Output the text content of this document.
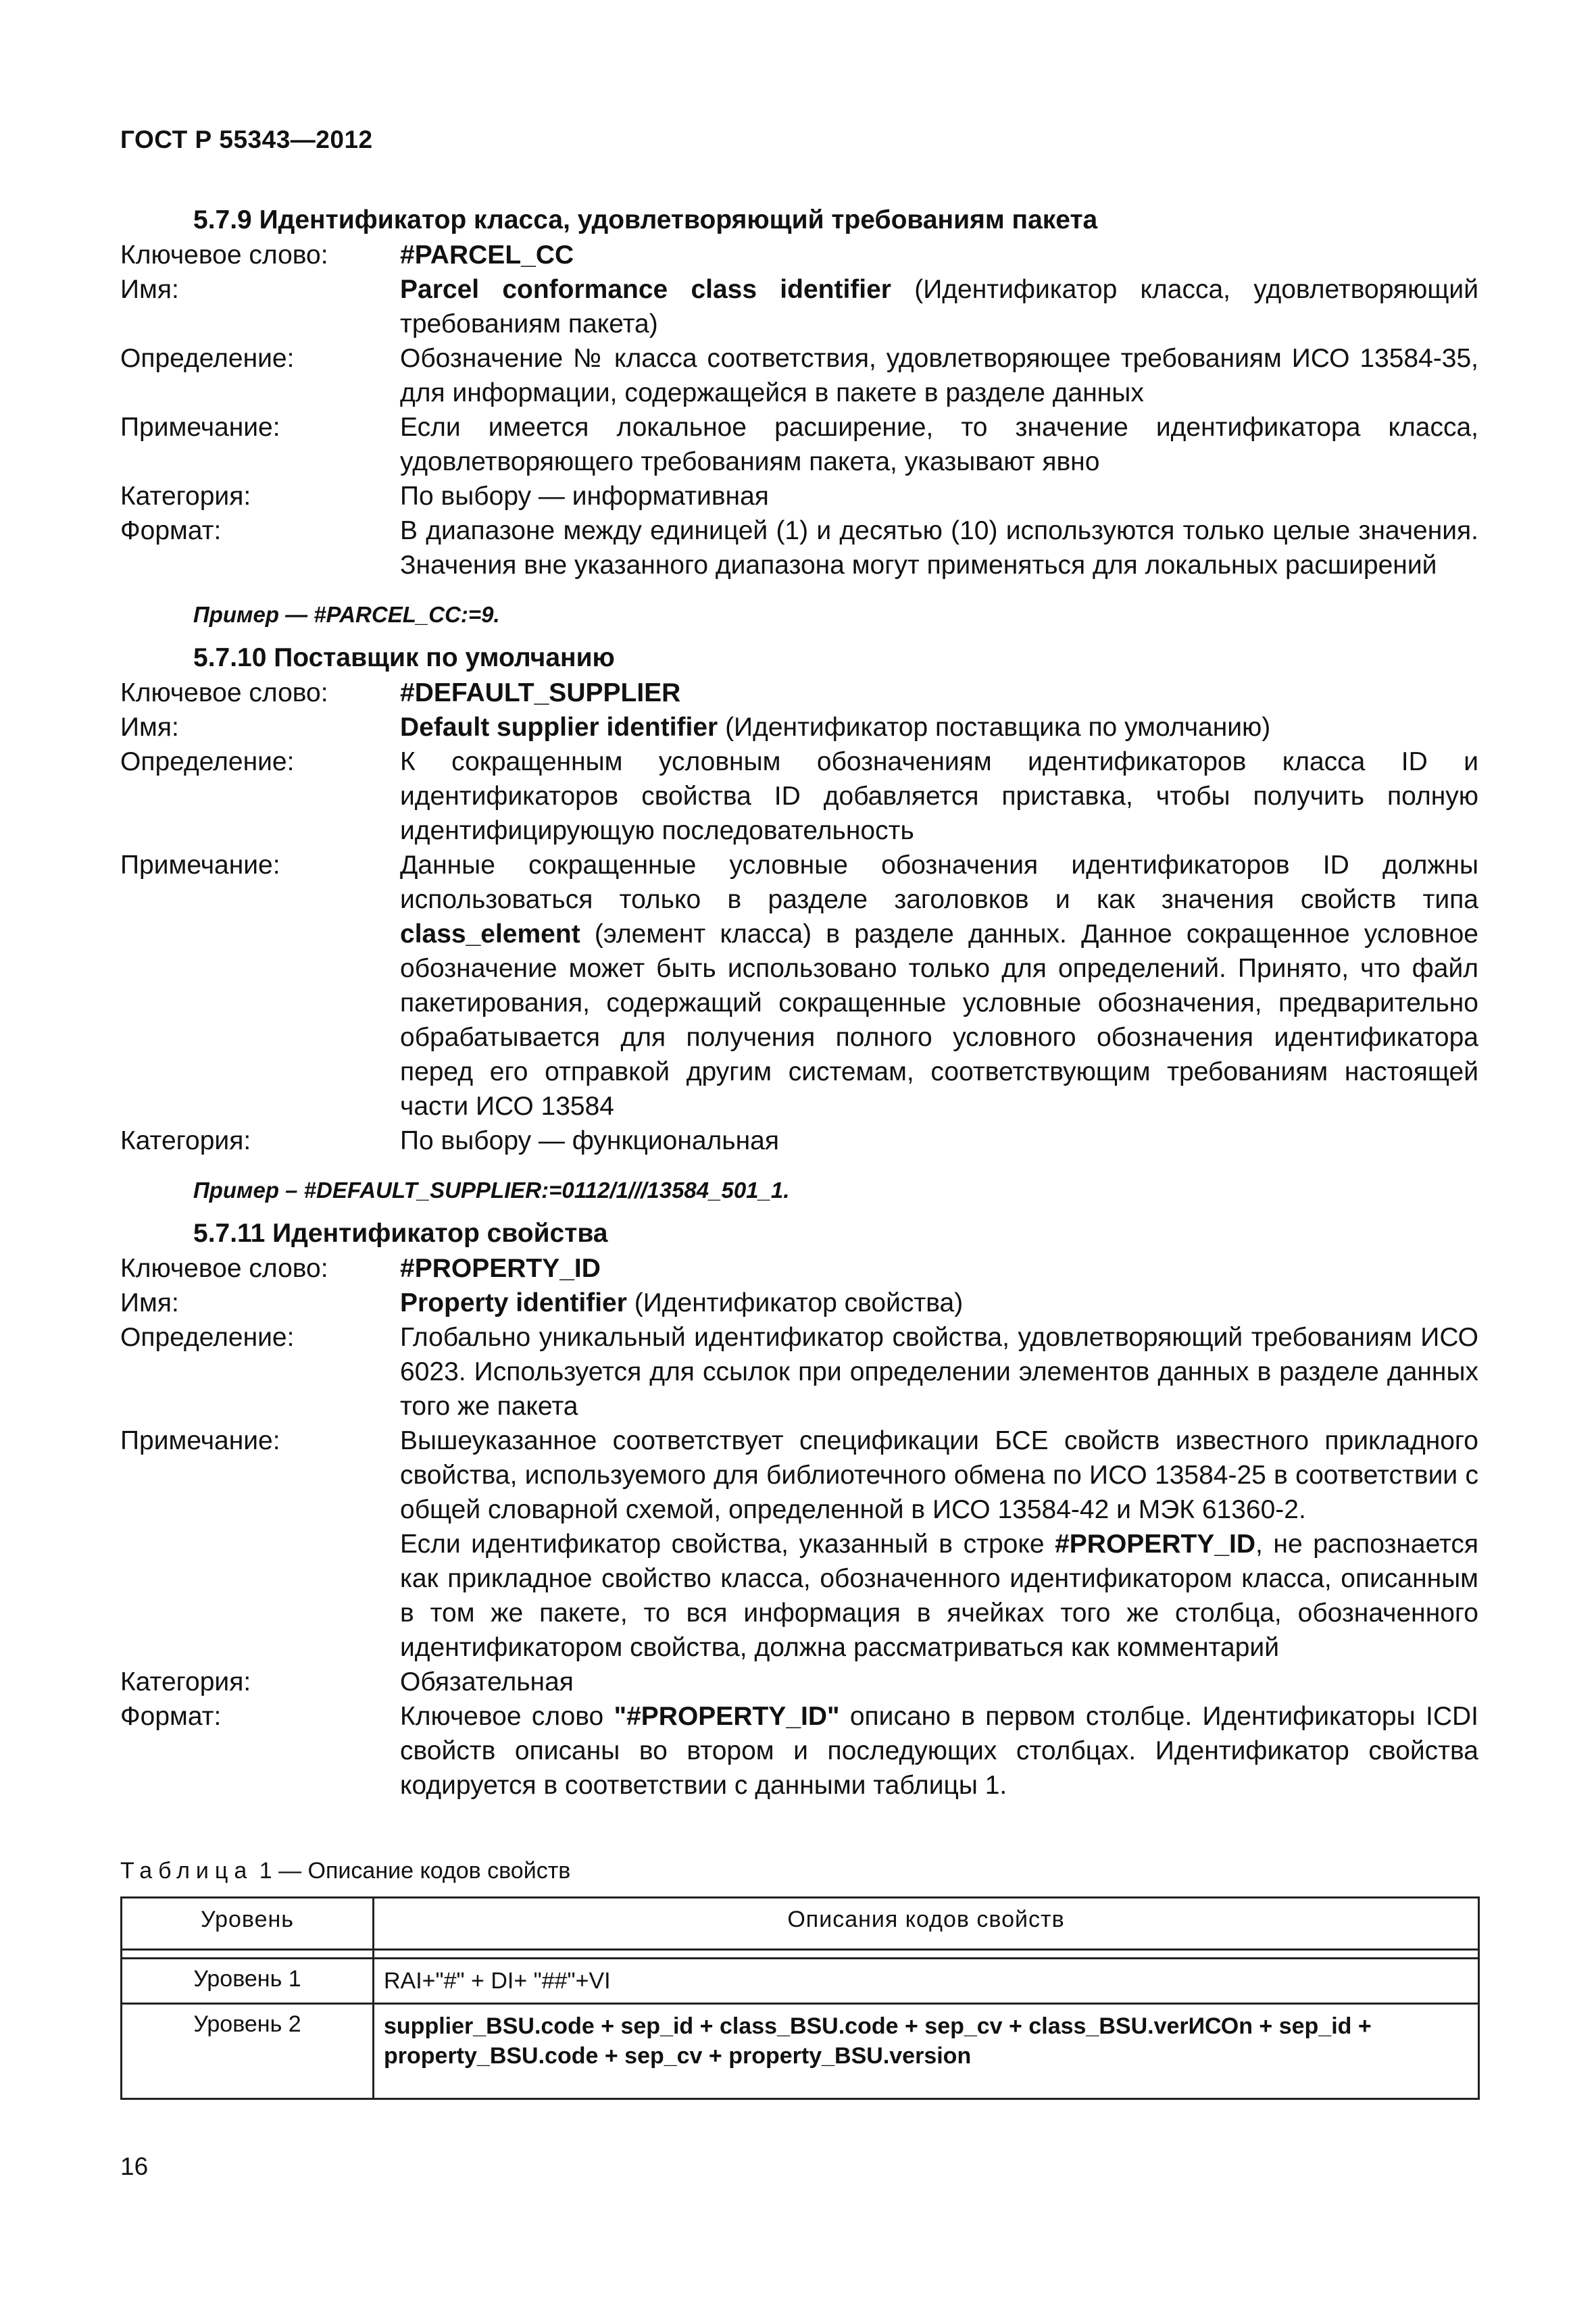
ГОСТ Р 55343—2012
5.7.9 Идентификатор класса, удовлетворяющий требованиям пакета
Ключевое слово:	#PARCEL_CC
Имя:	Parcel conformance class identifier (Идентификатор класса, удовлетворяющий требованиям пакета)
Определение:	Обозначение № класса соответствия, удовлетворяющее требованиям ИСО 13584-35, для информации, содержащейся в пакете в разделе данных
Примечание:	Если имеется локальное расширение, то значение идентификатора класса, удовлетворяющего требованиям пакета, указывают явно
Категория:	По выбору — информативная
Формат:	В диапазоне между единицей (1) и десятью (10) используются только целые значения. Значения вне указанного диапазона могут применяться для локальных расширений
Пример — #PARCEL_CC:=9.
5.7.10 Поставщик по умолчанию
Ключевое слово:	#DEFAULT_SUPPLIER
Имя:	Default supplier identifier (Идентификатор поставщика по умолчанию)
Определение:	К сокращенным условным обозначениям идентификаторов класса ID и идентификаторов свойства ID добавляется приставка, чтобы получить полную идентифицирующую последовательность
Примечание:	Данные сокращенные условные обозначения идентификаторов ID должны использоваться только в разделе заголовков и как значения свойств типа class_element (элемент класса) в разделе данных. Данное сокращенное условное обозначение может быть использовано только для определений. Принято, что файл пакетирования, содержащий сокращенные условные обозначения, предварительно обрабатывается для получения полного условного обозначения идентификатора перед его отправкой другим системам, соответствующим требованиям настоящей части ИСО 13584
Категория:	По выбору — функциональная
Пример – #DEFAULT_SUPPLIER:=0112/1///13584_501_1.
5.7.11 Идентификатор свойства
Ключевое слово:	#PROPERTY_ID
Имя:	Property identifier (Идентификатор свойства)
Определение:	Глобально уникальный идентификатор свойства, удовлетворяющий требованиям ИСО 6023. Используется для ссылок при определении элементов данных в разделе данных того же пакета
Примечание:	Вышеуказанное соответствует спецификации БСЕ свойств известного прикладного свойства, используемого для библиотечного обмена по ИСО 13584-25 в соответствии с общей словарной схемой, определенной в ИСО 13584-42 и МЭК 61360-2.
Если идентификатор свойства, указанный в строке #PROPERTY_ID, не распознается как прикладное свойство класса, обозначенного идентификатором класса, описанным в том же пакете, то вся информация в ячейках того же столбца, обозначенного идентификатором свойства, должна рассматриваться как комментарий
Категория:	Обязательная
Формат:	Ключевое слово "#PROPERTY_ID" описано в первом столбце. Идентификаторы ICDI свойств описаны во втором и последующих столбцах. Идентификатор свойства кодируется в соответствии с данными таблицы 1.
Таблица 1 — Описание кодов свойств
Уровень	Описания кодов свойств

Уровень 1	RAI+"#" + DI+ "##"+VI
Уровень 2	supplier_BSU.code + sep_id + class_BSU.code + sep_cv + class_BSU.verИСОn + sep_id + property_BSU.code + sep_cv + property_BSU.version
16
